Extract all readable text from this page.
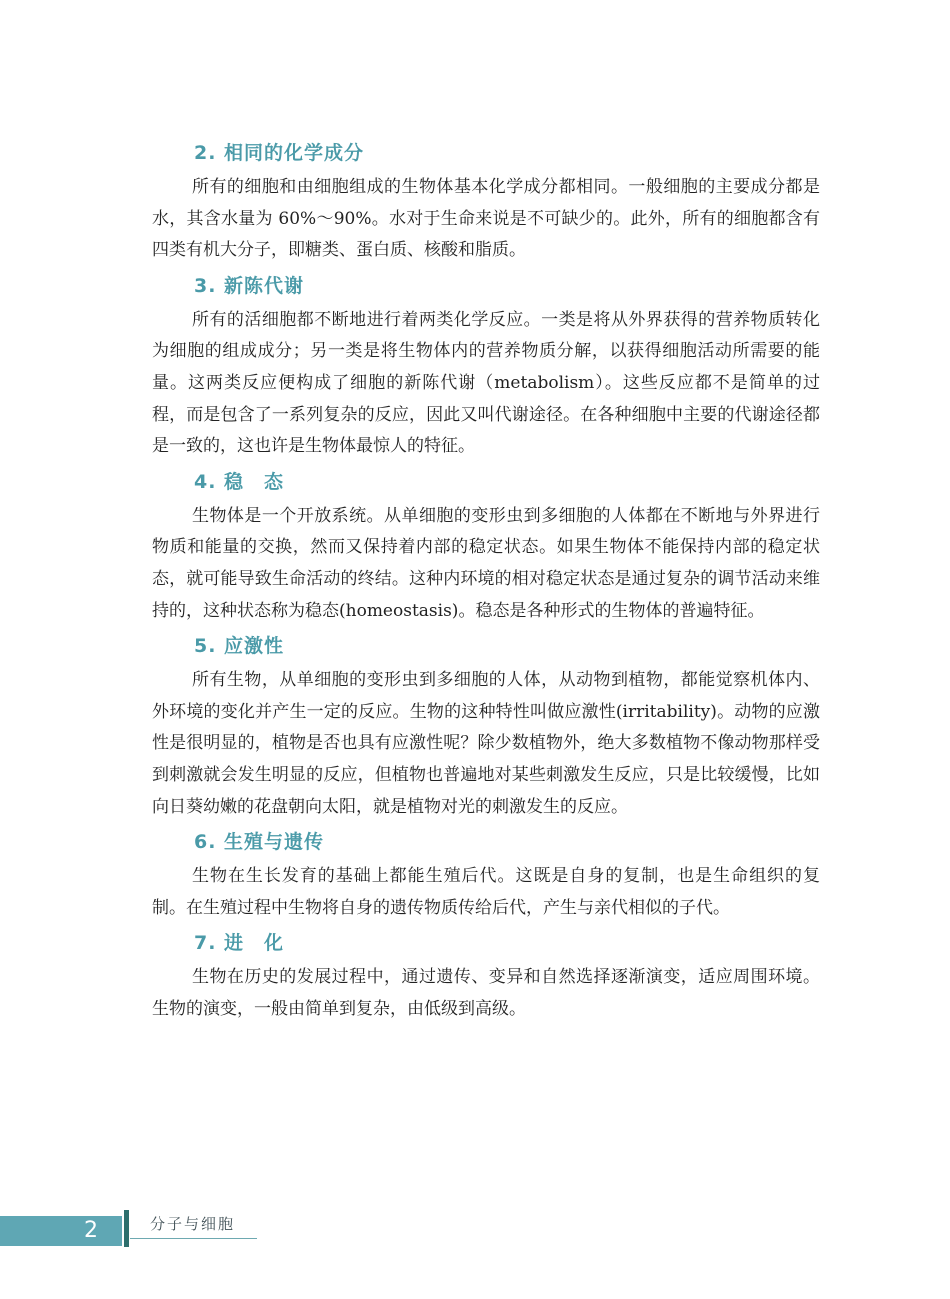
2. 相同的化学成分

所有的细胞和由细胞组成的生物体基本化学成分都相同。一般细胞的主要成分都是水，其含水量为 60%～90%。水对于生命来说是不可缺少的。此外，所有的细胞都含有四类有机大分子，即糖类、蛋白质、核酸和脂质。

3. 新陈代谢

所有的活细胞都不断地进行着两类化学反应。一类是将从外界获得的营养物质转化为细胞的组成成分；另一类是将生物体内的营养物质分解，以获得细胞活动所需要的能量。这两类反应便构成了细胞的新陈代谢（metabolism）。这些反应都不是简单的过程，而是包含了一系列复杂的反应，因此又叫代谢途径。在各种细胞中主要的代谢途径都是一致的，这也许是生物体最惊人的特征。

4. 稳　态

生物体是一个开放系统。从单细胞的变形虫到多细胞的人体都在不断地与外界进行物质和能量的交换，然而又保持着内部的稳定状态。如果生物体不能保持内部的稳定状态，就可能导致生命活动的终结。这种内环境的相对稳定状态是通过复杂的调节活动来维持的，这种状态称为稳态(homeostasis)。稳态是各种形式的生物体的普遍特征。

5. 应激性

所有生物，从单细胞的变形虫到多细胞的人体，从动物到植物，都能觉察机体内、外环境的变化并产生一定的反应。生物的这种特性叫做应激性(irritability)。动物的应激性是很明显的，植物是否也具有应激性呢？除少数植物外，绝大多数植物不像动物那样受到刺激就会发生明显的反应，但植物也普遍地对某些刺激发生反应，只是比较缓慢，比如向日葵幼嫩的花盘朝向太阳，就是植物对光的刺激发生的反应。

6. 生殖与遗传

生物在生长发育的基础上都能生殖后代。这既是自身的复制，也是生命组织的复制。在生殖过程中生物将自身的遗传物质传给后代，产生与亲代相似的子代。

7. 进　化

生物在历史的发展过程中，通过遗传、变异和自然选择逐渐演变，适应周围环境。生物的演变，一般由简单到复杂，由低级到高级。

2	分子与细胞
